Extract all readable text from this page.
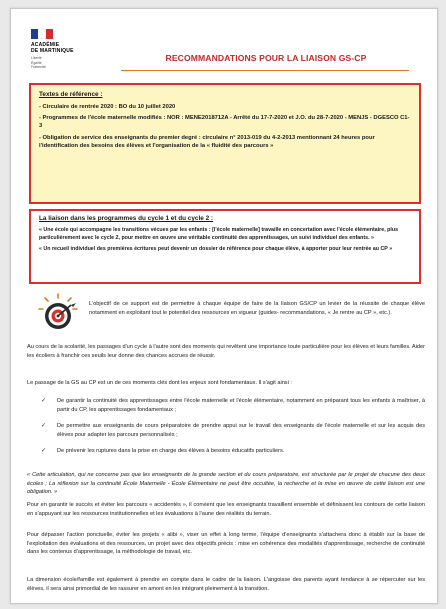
ACADÉMIE
DE MARTINIQUE
Liberté
Égalité
Fraternité
RECOMMANDATIONS POUR LA LIAISON GS-CP
Textes de référence :
- Circulaire de rentrée 2020 : BO du 10 juillet 2020
- Programmes de l'école maternelle modifiés : NOR : MENE2018712A - Arrêté du 17-7-2020 et J.O. du 28-7-2020 - MENJS - DGESCO C1-3
- Obligation de service des enseignants du premier degré : circulaire n° 2013-019 du 4-2-2013 mentionnant 24 heures pour l'identification des besoins des élèves et l'organisation de la « fluidité des parcours »
La liaison dans les programmes du cycle 1 et du cycle 2 :
« Une école qui accompagne les transitions vécues par les enfants : [l'école maternelle] travaille en concertation avec l'école élémentaire, plus particulièrement avec le cycle 2, pour mettre en œuvre une véritable continuité des apprentissages, un suivi individuel des enfants. »
« Un recueil individuel des premières écritures peut devenir un dossier de référence pour chaque élève, à apporter pour leur rentrée au CP »
L'objectif de ce support est de permettre à chaque équipe de faire de la liaison GS/CP un levier de la réussite de chaque élève notamment en exploitant tout le potentiel des ressources en vigueur (guides- recommandations, « Je rentre au CP », etc.).
Au cours de la scolarité, les passages d'un cycle à l'autre sont des moments qui revêtent une importance toute particulière pour les élèves et leurs familles. Aider les écoliers à franchir ces seuils leur donne des chances accrues de réussir.
Le passage de la GS au CP est un de ces moments clés dont les enjeux sont fondamentaux. Il s'agit ainsi :
✓	De garantir la continuité des apprentissages entre l'école maternelle et l'école élémentaire, notamment en préparant tous les enfants à maîtriser, à partir du CP, les apprentissages fondamentaux ;
✓	De permettre aux enseignants de cours préparatoire de prendre appui sur le travail des enseignants de l'école maternelle et sur les acquis des élèves pour adapter les parcours personnalisés ;
✓	De prévenir les ruptures dans la prise en charge des élèves à besoins éducatifs particuliers.
« Cette articulation, qui ne concerne pas que les enseignants de la grande section et du cours préparatoire, est structurée par le projet de chacune des deux écoles ; La réflexion sur la continuité École Maternelle - École Élémentaire ne peut être occultée, la recherche et la mise en œuvre de cette liaison est une obligation. »
Pour en garantir le succès et éviter les parcours « accidentés », il convient que les enseignants travaillent ensemble et définissent les contours de cette liaison en s'appuyant sur les ressources institutionnelles et les évaluations à l'aune des réalités du terrain.
Pour dépasser l'action ponctuelle, éviter les projets « alibi », viser un effet à long terme, l'équipe d'enseignants s'attachera donc à établir sur la base de l'exploitation des évaluations et des ressources, un projet avec des objectifs précis : mise en cohérence des modalités d'apprentissage, recherche de continuité dans les contenus d'apprentissage, la méthodologie de travail, etc.
La dimension école/famille est également à prendre en compte dans le cadre de la liaison. L'angoisse des parents ayant tendance à se répercuter sur les élèves, il sera ainsi primordial de les rassurer en amont en les intégrant pleinement à la transition.
